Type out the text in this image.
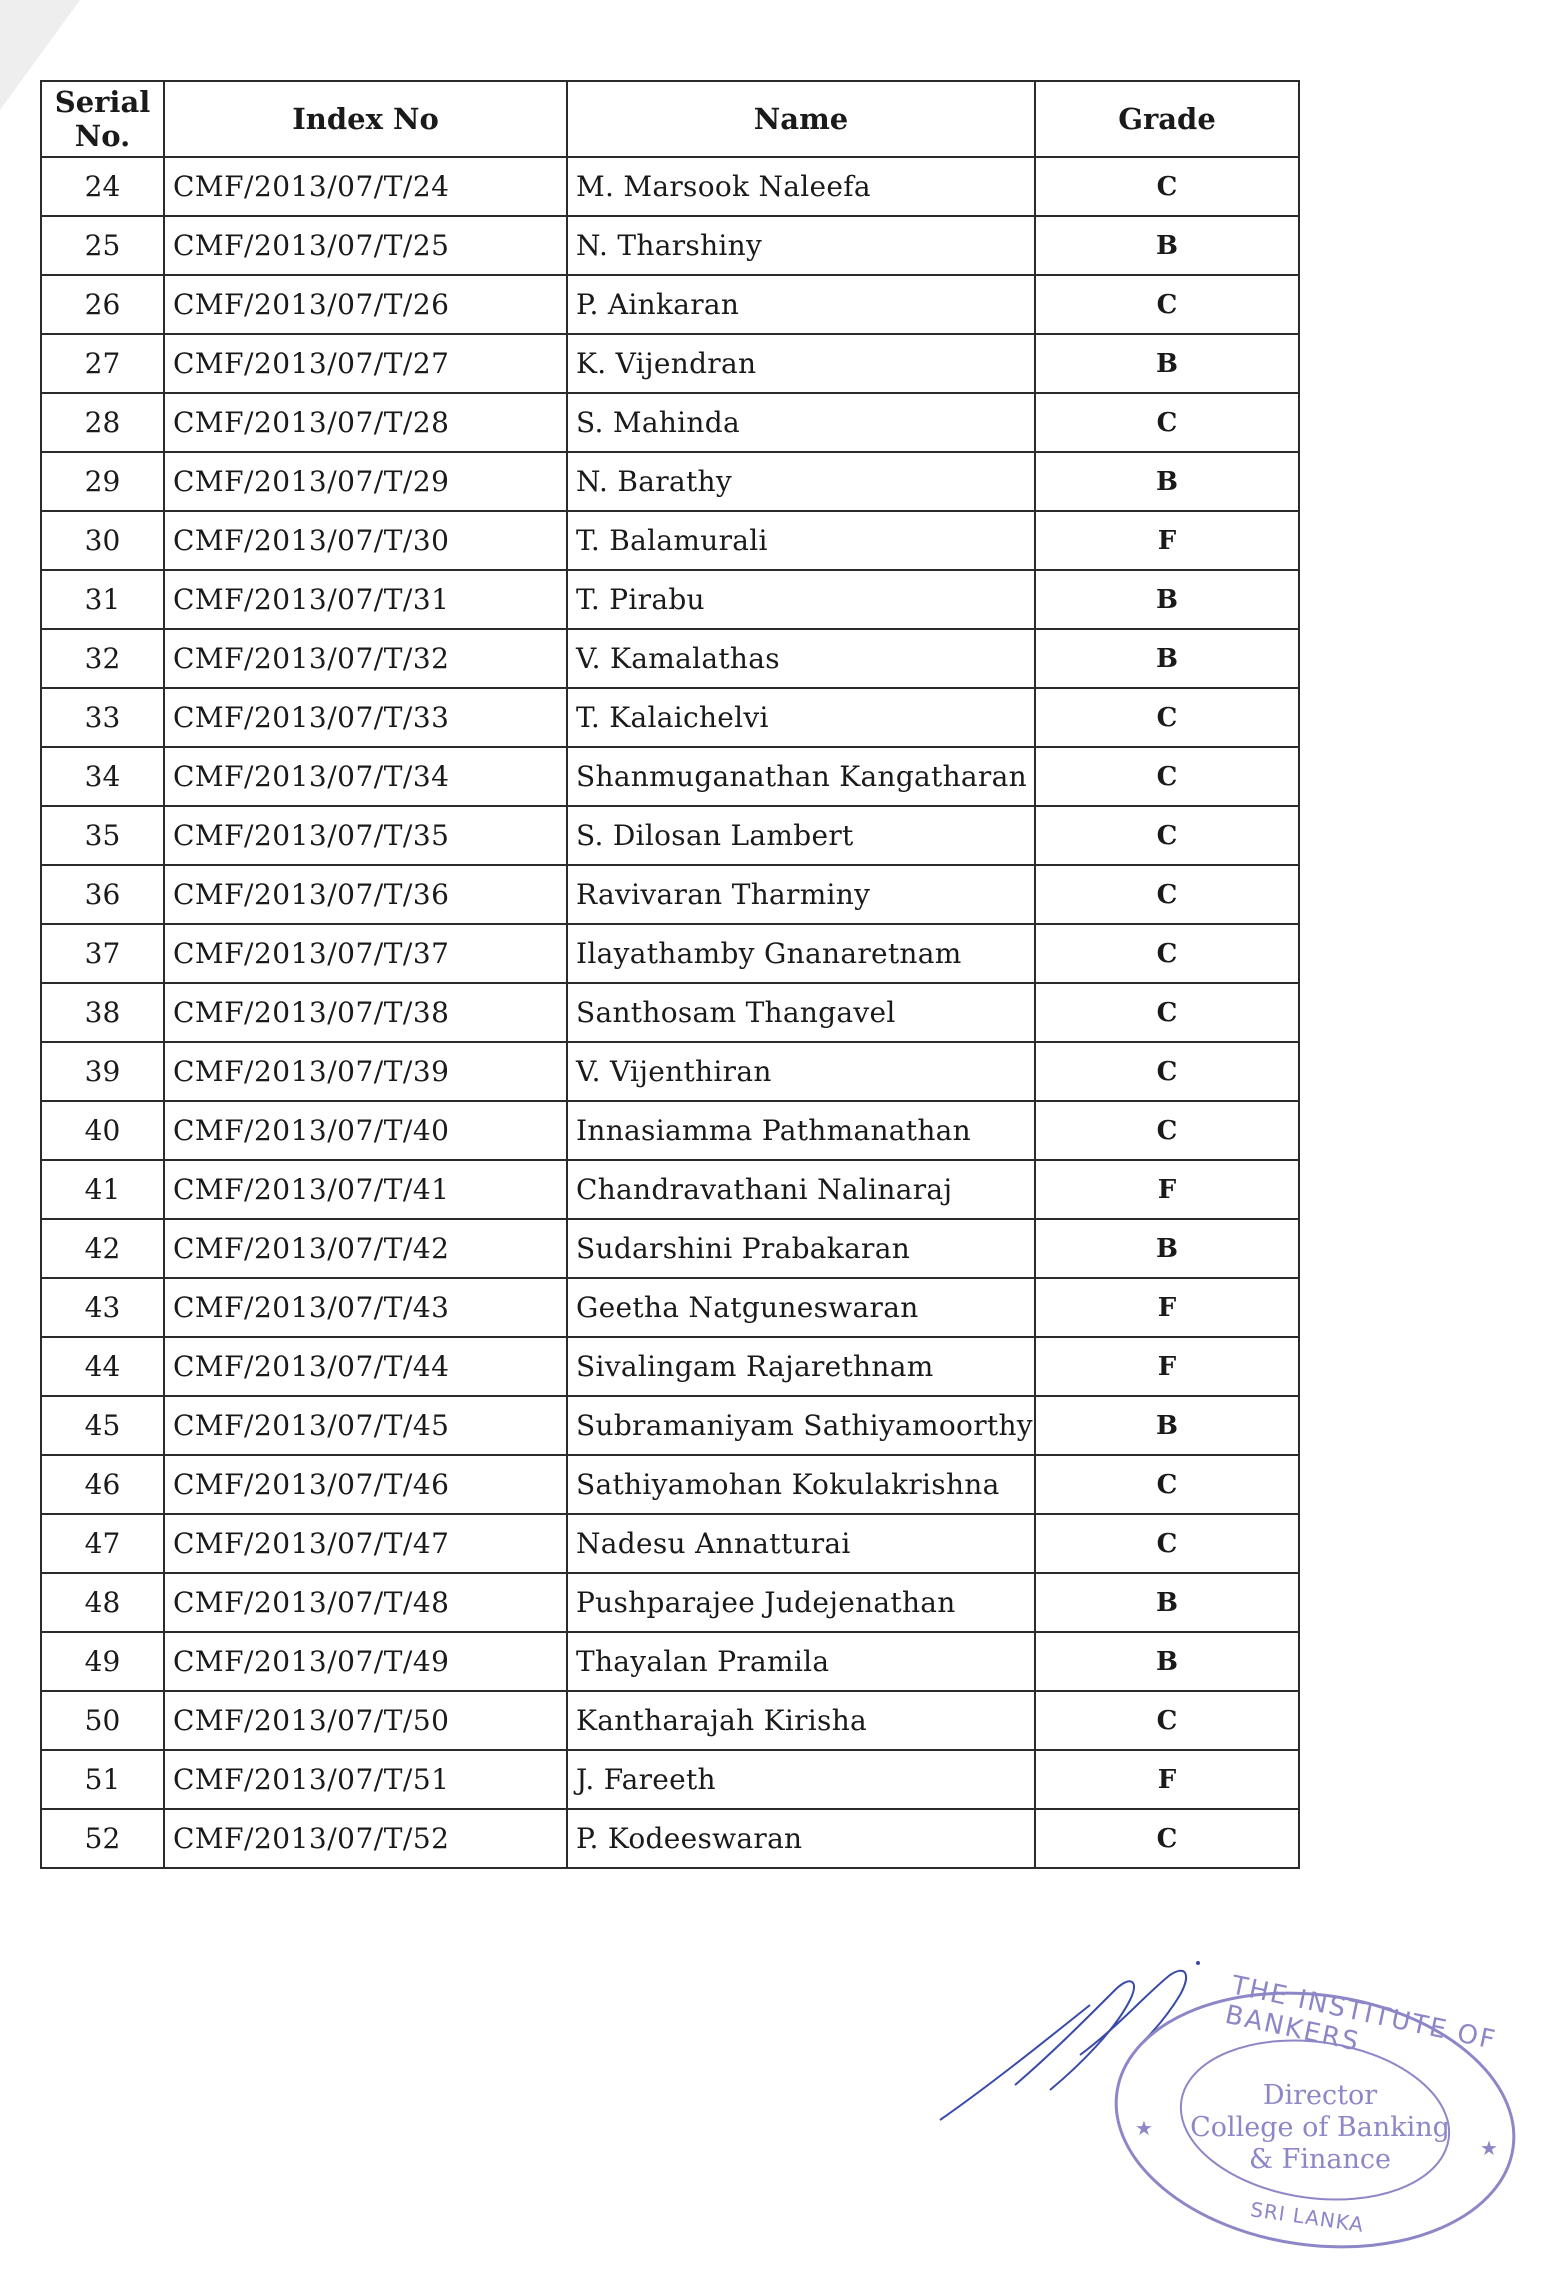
Serial No.	Index No	Name	Grade
24	CMF/2013/07/T/24	M. Marsook Naleefa	C
25	CMF/2013/07/T/25	N. Tharshiny	B
26	CMF/2013/07/T/26	P. Ainkaran	C
27	CMF/2013/07/T/27	K. Vijendran	B
28	CMF/2013/07/T/28	S. Mahinda	C
29	CMF/2013/07/T/29	N. Barathy	B
30	CMF/2013/07/T/30	T. Balamurali	F
31	CMF/2013/07/T/31	T. Pirabu	B
32	CMF/2013/07/T/32	V. Kamalathas	B
33	CMF/2013/07/T/33	T. Kalaichelvi	C
34	CMF/2013/07/T/34	Shanmuganathan Kangatharan	C
35	CMF/2013/07/T/35	S. Dilosan Lambert	C
36	CMF/2013/07/T/36	Ravivaran Tharminy	C
37	CMF/2013/07/T/37	Ilayathamby Gnanaretnam	C
38	CMF/2013/07/T/38	Santhosam Thangavel	C
39	CMF/2013/07/T/39	V. Vijenthiran	C
40	CMF/2013/07/T/40	Innasiamma Pathmanathan	C
41	CMF/2013/07/T/41	Chandravathani Nalinaraj	F
42	CMF/2013/07/T/42	Sudarshini Prabakaran	B
43	CMF/2013/07/T/43	Geetha Natguneswaran	F
44	CMF/2013/07/T/44	Sivalingam Rajarethnam	F
45	CMF/2013/07/T/45	Subramaniyam Sathiyamoorthy	B
46	CMF/2013/07/T/46	Sathiyamohan Kokulakrishna	C
47	CMF/2013/07/T/47	Nadesu Annatturai	C
48	CMF/2013/07/T/48	Pushparajee Judejenathan	B
49	CMF/2013/07/T/49	Thayalan Pramila	B
50	CMF/2013/07/T/50	Kantharajah Kirisha	C
51	CMF/2013/07/T/51	J. Fareeth	F
52	CMF/2013/07/T/52	P. Kodeeswaran	C
★
★
THE INSTITUTE OF BANKERS
Director
College of Banking
& Finance
SRI LANKA
